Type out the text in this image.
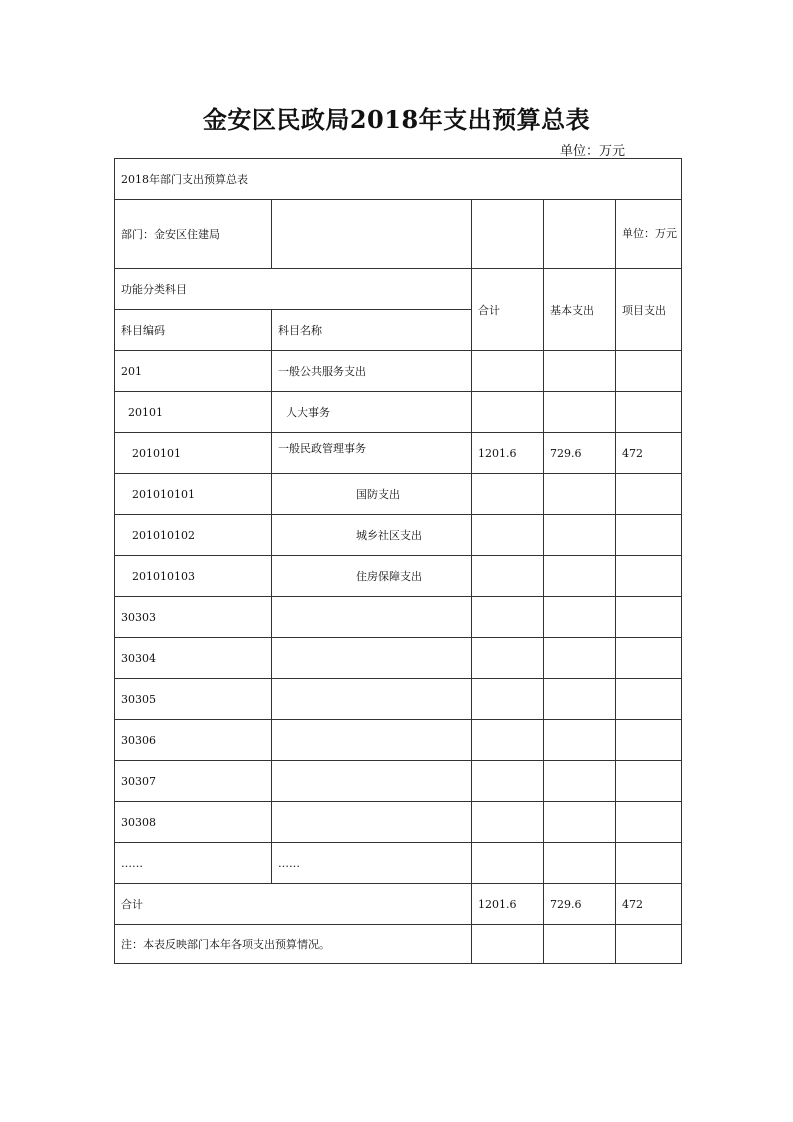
金安区民政局2018年支出预算总表
单位：万元
2018年部门支出预算总表				
部门：金安区住建局				单位：万元
功能分类科目		合计	基本支出	项目支出
科目编码	科目名称			
201	一般公共服务支出			
20101	人大事务			
2010101	一般民政管理事务	1201.6	729.6	472
201010101	国防支出			
201010102	城乡社区支出			
201010103	住房保障支出			
30303				
30304				
30305				
30306				
30307				
30308				
……	……			
合计		1201.6	729.6	472
注：本表反映部门本年各项支出预算情况。				
